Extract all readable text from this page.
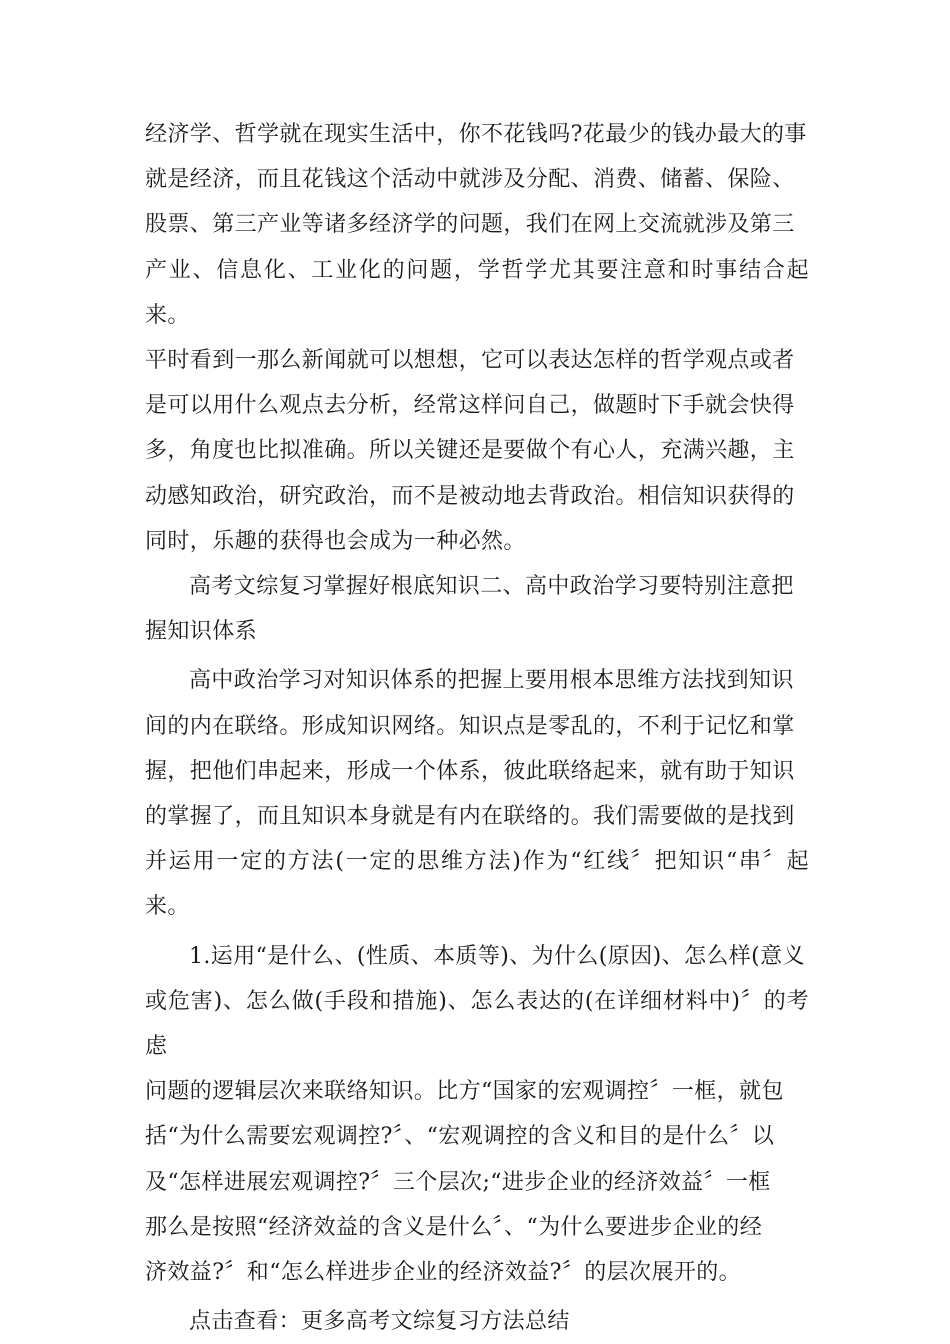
经济学、哲学就在现实生活中，你不花钱吗?花最少的钱办最大的事
就是经济，而且花钱这个活动中就涉及分配、消费、储蓄、保险、
股票、第三产业等诸多经济学的问题，我们在网上交流就涉及第三
产业、信息化、工业化的问题，学哲学尤其要注意和时事结合起来。
平时看到一那么新闻就可以想想，它可以表达怎样的哲学观点或者
是可以用什么观点去分析，经常这样问自己，做题时下手就会快得
多，角度也比拟准确。所以关键还是要做个有心人，充满兴趣，主
动感知政治，研究政治，而不是被动地去背政治。相信知识获得的
同时，乐趣的获得也会成为一种必然。

高考文综复习掌握好根底知识二、高中政治学习要特别注意把
握知识体系

高中政治学习对知识体系的把握上要用根本思维方法找到知识
间的内在联络。形成知识网络。知识点是零乱的，不利于记忆和掌
握，把他们串起来，形成一个体系，彼此联络起来，就有助于知识
的掌握了，而且知识本身就是有内在联络的。我们需要做的是找到
并运用一定的方法(一定的思维方法)作为“红线〞把知识“串〞起来。

1.运用“是什么、(性质、本质等)、为什么(原因)、怎么样(意义
或危害)、怎么做(手段和措施)、怎么表达的(在详细材料中)〞的考虑
问题的逻辑层次来联络知识。比方“国家的宏观调控〞一框，就包
括“为什么需要宏观调控?〞、“宏观调控的含义和目的是什么〞以
及“怎样进展宏观调控?〞三个层次;“进步企业的经济效益〞一框
那么是按照“经济效益的含义是什么〞、“为什么要进步企业的经
济效益?〞和“怎么样进步企业的经济效益?〞的层次展开的。

点击查看：更多高考文综复习方法总结
